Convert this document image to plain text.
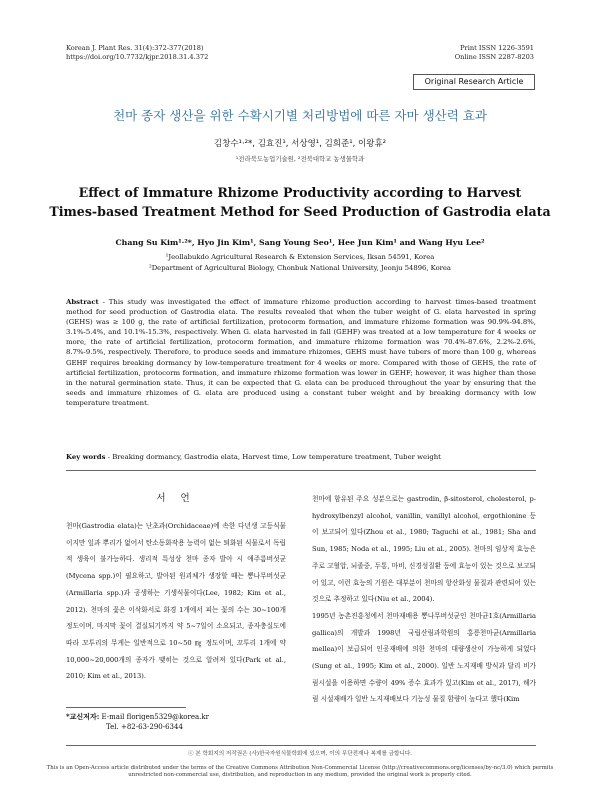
Korean J. Plant Res. 31(4):372-377(2018)
https://doi.org/10.7732/kjpr.2018.31.4.372
Print ISSN 1226-3591
Online ISSN 2287-8203
Original Research Article
천마 종자 생산을 위한 수확시기별 처리방법에 따른 자마 생산력 효과
김창수¹·²*, 김효진¹, 서상영¹, 김희준¹, 이왕휴²
¹전라북도농업기술원, ²전북대학교 농생물학과
Effect of Immature Rhizome Productivity according to Harvest
Times-based Treatment Method for Seed Production of Gastrodia elata
Chang Su Kim¹·²*, Hyo Jin Kim¹, Sang Young Seo¹, Hee Jun Kim¹ and Wang Hyu Lee²
¹Jeollabukdo Agricultural Research & Extension Services, Iksan 54591, Korea
²Department of Agricultural Biology, Chonbuk National University, Jeonju 54896, Korea
Abstract - This study was investigated the effect of immature rhizome production according to harvest times-based treatment method for seed production of Gastrodia elata. The results revealed that when the tuber weight of G. elata harvested in spring (GEHS) was ≥ 100 g, the rate of artificial fertilization, protocorm formation, and immature rhizome formation was 90.9%-94.8%, 3.1%-5.4%, and 10.1%-15.3%, respectively. When G. elata harvested in fall (GEHF) was treated at a low temperature for 4 weeks or more, the rate of artificial fertilization, protocorm formation, and immature rhizome formation was 70.4%-87.6%, 2.2%-2.6%, 8.7%-9.5%, respectively. Therefore, to produce seeds and immature rhizomes, GEHS must have tubers of more than 100 g, whereas GEHF requires breaking dormancy by low-temperature treatment for 4 weeks or more. Compared with those of GEHS, the rate of artificial fertilization, protocorm formation, and immature rhizome formation was lower in GEHF; however, it was higher than those in the natural germination state. Thus, it can be expected that G. elata can be produced throughout the year by ensuring that the seeds and immature rhizomes of G. elata are produced using a constant tuber weight and by breaking dormancy with low temperature treatment.
Key words - Breaking dormancy, Gastrodia elata, Harvest time, Low temperature treatment, Tuber weight
서 언
천마(Gastrodia elata)는 난초과(Orchidaceae)에 속한 다년생 고등식물이지만 잎과 뿌리가 없어서 탄소동화작용 능력이 없는 퇴화된 식물로서 독립적 생육이 불가능하다. 생리적 특성상 천마 종자 발아 시 애주름버섯균(Mycena spp.)이 필요하고, 발아된 원괴체가 생장할 때는 뽕나무버섯균(Armillaria spp.)과 공생하는 기생식물이다(Lee, 1982; Kim et al., 2012). 천마의 꽃은 이삭화서로 화경 1개에서 피는 꽃의 수는 30~100개 정도이며, 마지막 꽃이 결실되기까지 약 5~7일이 소요되고, 종자충실도에 따라 꼬투리의 무게는 일반적으로 10~50 ㎎ 정도이며, 꼬투리 1개에 약 10,000~20,000개의 종자가 맺히는 것으로 알려져 있다(Park et al., 2010; Kim et al., 2013).
천마에 함유된 주요 성분으로는 gastrodin, β-sitosterol, cholesterol, p-hydroxylbenzyl alcohol, vanillin, vanillyl alcohol, ergothionine 등이 보고되어 있다(Zhou et al., 1980; Taguchi et al., 1981; Sha and Sun, 1985; Noda et al., 1995; Liu et al., 2005). 천마의 임상적 효능은 주로 고혈압, 뇌졸중, 두통, 마비, 신경성질환 등에 효능이 있는 것으로 보고되어 있고, 이런 효능의 기원은 대부분이 천마의 항산화성 물질과 관련되어 있는 것으로 추정하고 있다(Niu et al., 2004).
1995년 농촌진흥청에서 천마재배용 뽕나무버섯균인 천마균1호(Armillaria gallica)의 개발과 1998년 국립산림과학원의 홍릉천마균(Armillaria mellea)이 보급되어 인공재배에 의한 천마의 대량생산이 가능하게 되었다(Sung et al., 1995; Kim et al., 2000). 일반 노지재배 방식과 달리 비가림시설을 이용하면 수량이 49% 증수 효과가 있고(Kim et al., 2017), 해가림 시설재배가 일반 노지재배보다 기능성 물질 함량이 높다고 했다(Kim
*교신저자: E-mail florigen5329@korea.kr
Tel. +82-63-290-6344
ⓒ 본 학회지의 저작권은 (사)한국자원식물학회에 있으며, 이의 무단전재나 복제를 금합니다.
This is an Open-Access article distributed under the terms of the Creative Commons Attribution Non-Commercial License (http://creativecommons.org/licenses/by-nc/3.0) which permits unrestricted non-commercial use, distribution, and reproduction in any medium, provided the original work is properly cited.
